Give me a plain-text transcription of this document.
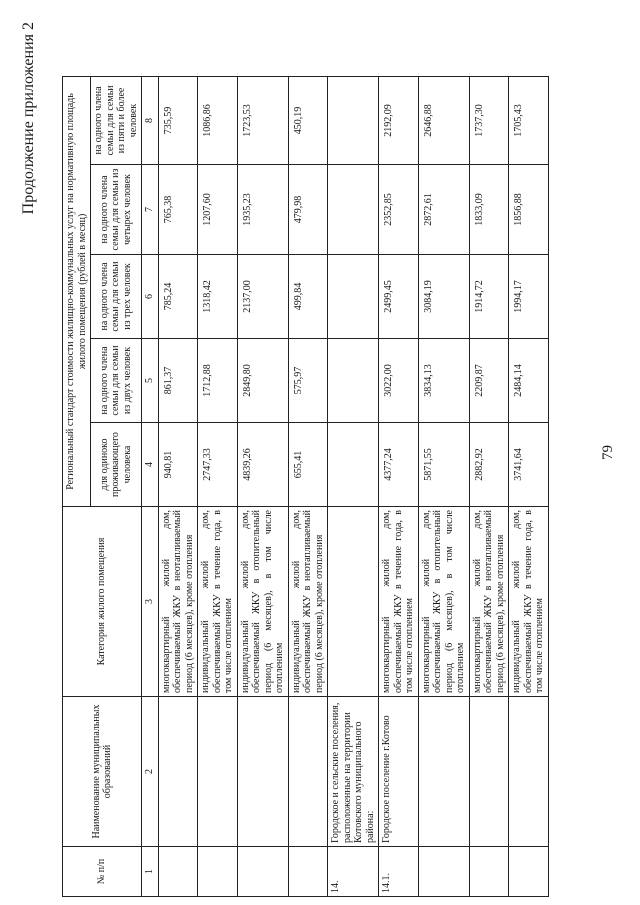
79
Продолжение приложения 2
№ п/п	Наименование муниципальных образований	Категория жилого помещения	Региональный стандарт стоимости жилищно-коммунальных услуг на нормативную площадь жилого помещения (рублей в месяц)				
			для одиноко проживающего человека	на одного члена семьи для семьи из двух человек	на одного члена семьи для семьи из трех человек	на одного члена семьи для семьи из четырех человек	на одного члена семьи для семьи из пяти и более человек
1	2	3	4	5	6	7	8
		многоквартирный жилой дом, обеспечиваемый ЖКУ в неотапливаемый период (6 месяцев), кроме отопления	940,81	861,37	785,24	765,38	735,59
		индивидуальный жилой дом, обеспечиваемый ЖКУ в течение года, в том числе отоплением	2747,33	1712,88	1318,42	1207,60	1086,86
		индивидуальный жилой дом, обеспечиваемый ЖКУ в отопительный период (6 месяцев), в том числе отоплением	4839,26	2849,80	2137,00	1935,23	1723,53
		индивидуальный жилой дом, обеспечиваемый ЖКУ в неотапливаемый период (6 месяцев), кроме отопления	655,41	575,97	499,84	479,98	450,19
14.	Городское и сельские поселения, расположенные на территории Котовского муниципального района:						
14.1.	Городское поселение г.Котово	многоквартирный жилой дом, обеспечиваемый ЖКУ в течение года, в том числе отоплением	4377,24	3022,00	2499,45	2352,85	2192,09
		многоквартирный жилой дом, обеспечиваемый ЖКУ в отопительный период (6 месяцев), в том числе отоплением	5871,55	3834,13	3084,19	2872,61	2646,88
		многоквартирный жилой дом, обеспечиваемый ЖКУ в неотапливаемый период (6 месяцев), кроме отопления	2882,92	2209,87	1914,72	1833,09	1737,30
		индивидуальный жилой дом, обеспечиваемый ЖКУ в течение года, в том числе отоплением	3741,64	2484,14	1994,17	1856,88	1705,43
